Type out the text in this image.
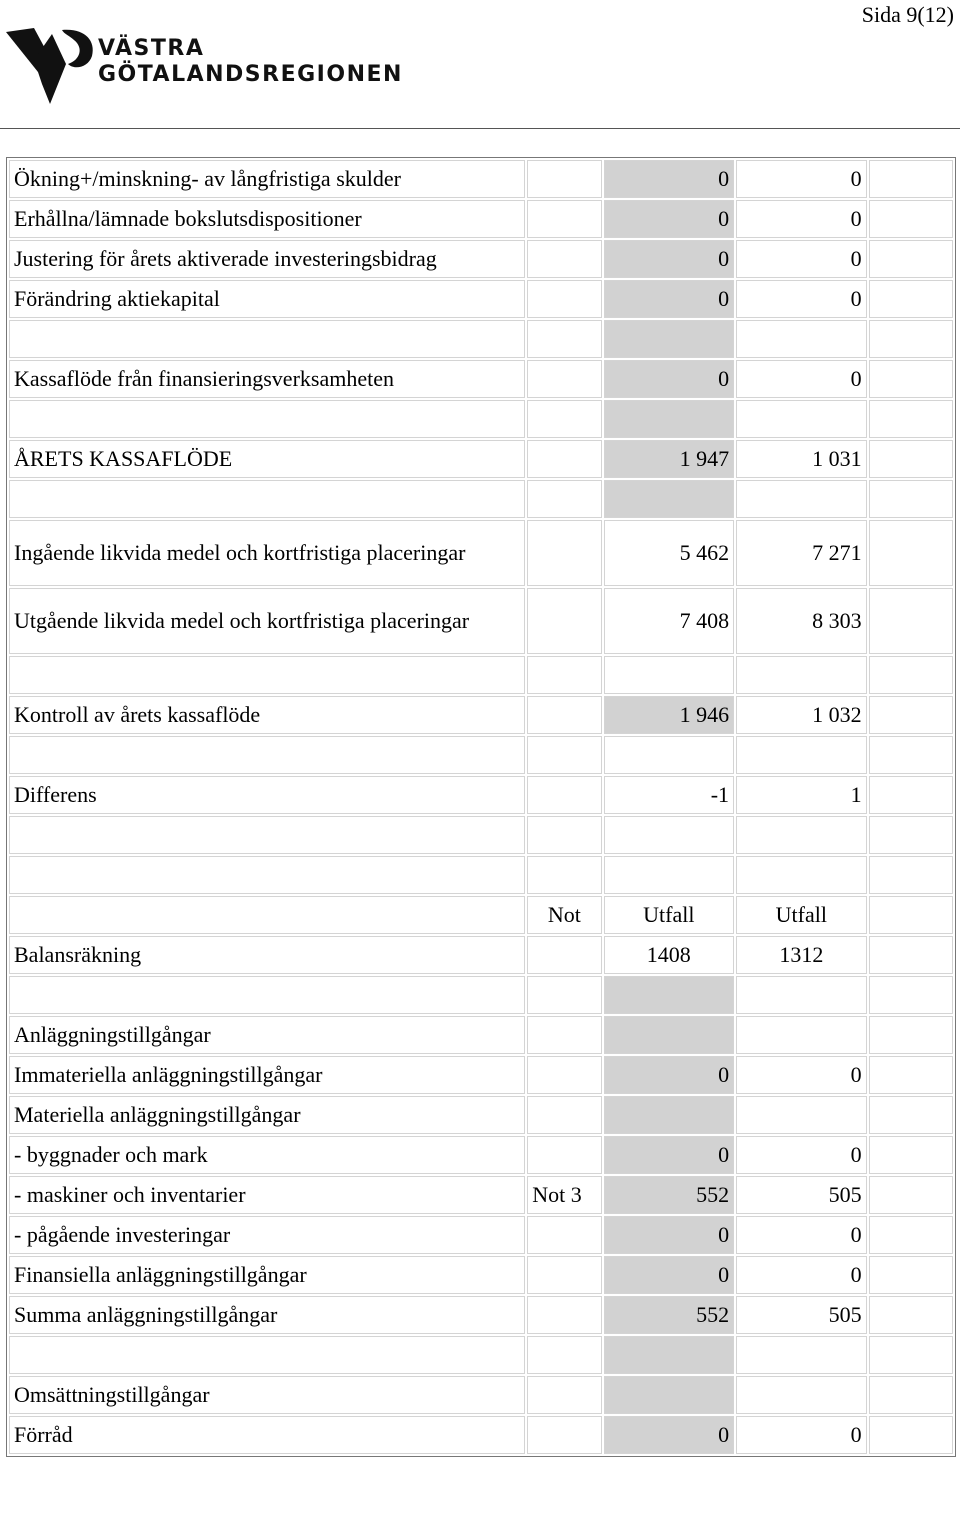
Sida 9(12)
VÄSTRA
GÖTALANDSREGIONEN
Ökning+/minskning- av långfristiga skulder		0	0	
Erhållna/lämnade bokslutsdispositioner		0	0	
Justering för årets aktiverade investeringsbidrag		0	0	
Förändring aktiekapital		0	0	

Kassaflöde från finansieringsverksamheten		0	0	

ÅRETS KASSAFLÖDE		1 947	1 031	

Ingående likvida medel och kortfristiga placeringar		5 462	7 271	
Utgående likvida medel och kortfristiga placeringar		7 408	8 303	

Kontroll av årets kassaflöde		1 946	1 032	

Differens		-1	1	

	Not	Utfall	Utfall	
Balansräkning		1408	1312	

Anläggningstillgångar				
Immateriella anläggningstillgångar		0	0	
Materiella anläggningstillgångar				
- byggnader och mark		0	0	
- maskiner och inventarier	Not 3	552	505	
- pågående investeringar		0	0	
Finansiella anläggningstillgångar		0	0	
Summa anläggningstillgångar		552	505	

Omsättningstillgångar				
Förråd		0	0	
